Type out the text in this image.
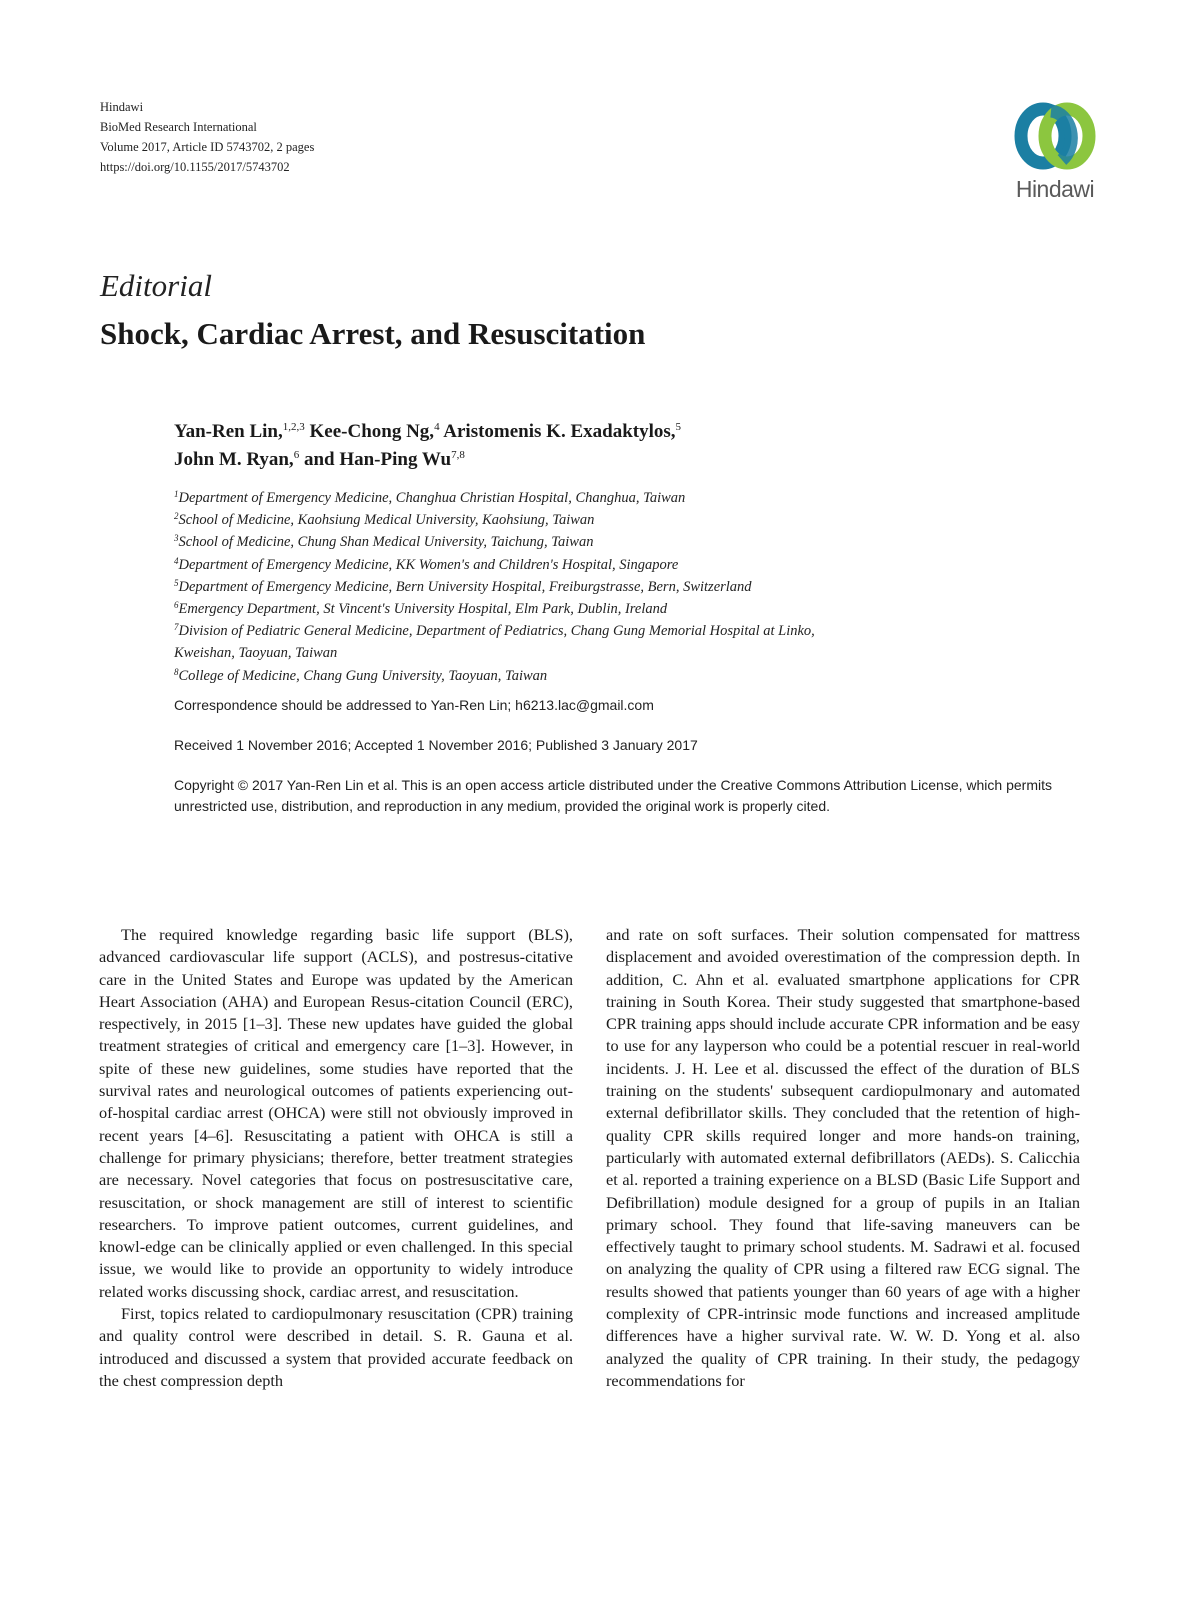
Hindawi
BioMed Research International
Volume 2017, Article ID 5743702, 2 pages
https://doi.org/10.1155/2017/5743702
Hindawi
Editorial
Shock, Cardiac Arrest, and Resuscitation
Yan-Ren Lin,$^{1,2,3}$ Kee-Chong Ng,$^4$ Aristomenis K. Exadaktylos,$^5$
John M. Ryan,$^6$ and Han-Ping Wu$^{7,8}$
$^1$Department of Emergency Medicine, Changhua Christian Hospital, Changhua, Taiwan
$^2$School of Medicine, Kaohsiung Medical University, Kaohsiung, Taiwan
$^3$School of Medicine, Chung Shan Medical University, Taichung, Taiwan
$^4$Department of Emergency Medicine, KK Women's and Children's Hospital, Singapore
$^5$Department of Emergency Medicine, Bern University Hospital, Freiburgstrasse, Bern, Switzerland
$^6$Emergency Department, St Vincent's University Hospital, Elm Park, Dublin, Ireland
$^7$Division of Pediatric General Medicine, Department of Pediatrics, Chang Gung Memorial Hospital at Linko,
Kweishan, Taoyuan, Taiwan
$^8$College of Medicine, Chang Gung University, Taoyuan, Taiwan
Correspondence should be addressed to Yan-Ren Lin; h6213.lac@gmail.com
Received 1 November 2016; Accepted 1 November 2016; Published 3 January 2017
Copyright © 2017 Yan-Ren Lin et al. This is an open access article distributed under the Creative Commons Attribution License, which permits unrestricted use, distribution, and reproduction in any medium, provided the original work is properly cited.

The required knowledge regarding basic life support (BLS), advanced cardiovascular life support (ACLS), and postresus-citative care in the United States and Europe was updated by the American Heart Association (AHA) and European Resus-citation Council (ERC), respectively, in 2015 [1–3]. These new updates have guided the global treatment strategies of critical and emergency care [1–3]. However, in spite of these new guidelines, some studies have reported that the survival rates and neurological outcomes of patients experiencing out-of-hospital cardiac arrest (OHCA) were still not obviously improved in recent years [4–6]. Resuscitating a patient with OHCA is still a challenge for primary physicians; therefore, better treatment strategies are necessary. Novel categories that focus on postresuscitative care, resuscitation, or shock management are still of interest to scientific researchers. To improve patient outcomes, current guidelines, and knowl-edge can be clinically applied or even challenged. In this special issue, we would like to provide an opportunity to widely introduce related works discussing shock, cardiac arrest, and resuscitation.

First, topics related to cardiopulmonary resuscitation (CPR) training and quality control were described in detail. S. R. Gauna et al. introduced and discussed a system that provided accurate feedback on the chest compression depth

and rate on soft surfaces. Their solution compensated for mattress displacement and avoided overestimation of the compression depth. In addition, C. Ahn et al. evaluated smartphone applications for CPR training in South Korea. Their study suggested that smartphone-based CPR training apps should include accurate CPR information and be easy to use for any layperson who could be a potential rescuer in real-world incidents. J. H. Lee et al. discussed the effect of the duration of BLS training on the students' subsequent cardiopulmonary and automated external defibrillator skills. They concluded that the retention of high-quality CPR skills required longer and more hands-on training, particularly with automated external defibrillators (AEDs). S. Calicchia et al. reported a training experience on a BLSD (Basic Life Support and Defibrillation) module designed for a group of pupils in an Italian primary school. They found that life-saving maneuvers can be effectively taught to primary school students. M. Sadrawi et al. focused on analyzing the quality of CPR using a filtered raw ECG signal. The results showed that patients younger than 60 years of age with a higher complexity of CPR-intrinsic mode functions and increased amplitude differences have a higher survival rate. W. W. D. Yong et al. also analyzed the quality of CPR training. In their study, the pedagogy recommendations for
